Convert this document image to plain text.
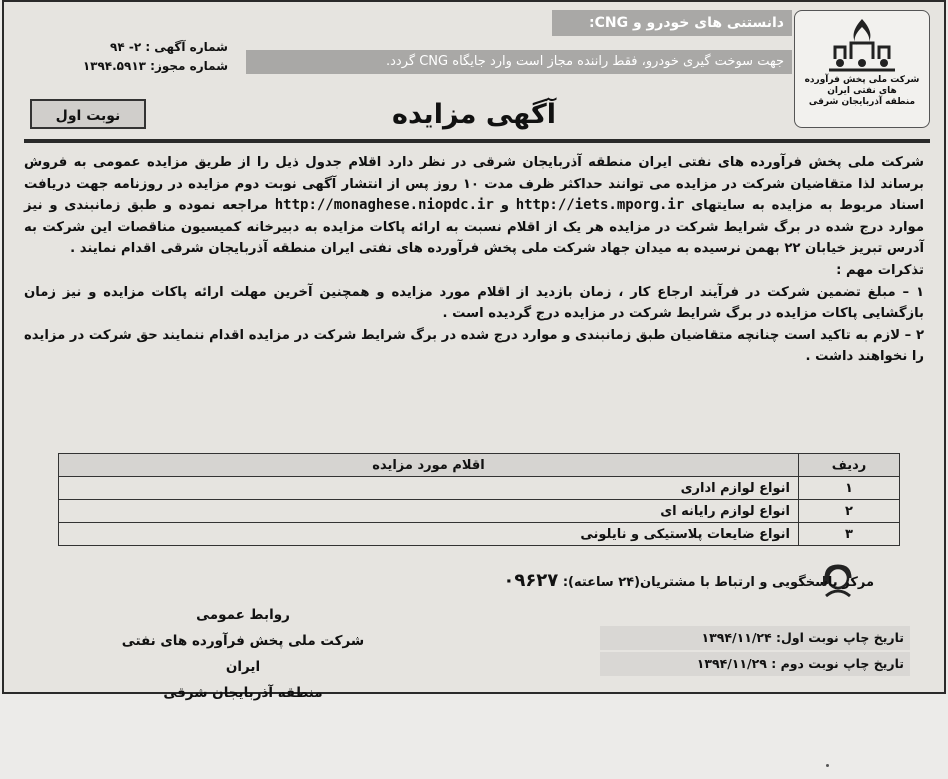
دانستنی های خودرو و CNG:
جهت سوخت گیری خودرو، فقط راننده مجاز است وارد جایگاه CNG گردد.
شرکت ملی پخش فرآورده های نفتی ایران
منطقه آذربایجان شرقی
شماره آگهی : ۲- ۹۴
شماره مجوز: ۱۳۹۴.۵۹۱۳
نوبت اول	آگهی مزایده

شرکت ملی پخش فرآورده های نفتی ایران منطقه آذربایجان شرقی در نظر دارد اقلام جدول ذیل را از طریق مزایده عمومی به فروش برساند لذا متقاضیان شرکت در مزایده می توانند حداکثر ظرف مدت ۱۰ روز پس از انتشار آگهی نوبت دوم مزایده در روزنامه جهت دریافت اسناد مربوط به مزایده به سایتهای http://iets.mporg.ir و http://monaghese.niopdc.ir مراجعه نموده و طبق زمانبندی و نیز موارد درج شده در برگ شرایط شرکت در مزایده هر یک از اقلام نسبت به ارائه پاکات مزایده به دبیرخانه کمیسیون مناقصات این شرکت به آدرس تبریز خیابان ۲۲ بهمن نرسیده به میدان جهاد شرکت ملی پخش فرآورده های نفتی ایران منطقه آذربایجان شرقی اقدام نمایند .

تذکرات مهم :

۱ – مبلغ تضمین شرکت در فرآیند ارجاع کار ، زمان بازدید از اقلام مورد مزایده و همچنین آخرین مهلت ارائه پاکات مزایده و نیز زمان بازگشایی پاکات مزایده در برگ شرایط شرکت در مزایده درج گردیده است .

۲ – لازم به تاکید است چنانچه متقاضیان طبق زمانبندی و موارد درج شده در برگ شرایط شرکت در مزایده اقدام ننمایند حق شرکت در مزایده را نخواهند داشت .

ردیف	اقلام مورد مزایده
۱	انواع لوازم اداری
۲	انواع لوازم رایانه ای
۳	انواع ضایعات پلاستیکی و نایلونی
مرکز پاسخگویی و ارتباط با مشتریان(۲۴ ساعته): ۰۹۶۲۷
روابط عمومی
شرکت ملی پخش فرآورده های نفتی ایران
منطقه آذربایجان شرقی
تاریخ چاپ نوبت اول: ۱۳۹۴/۱۱/۲۴
تاریخ چاپ نوبت دوم : ۱۳۹۴/۱۱/۲۹
